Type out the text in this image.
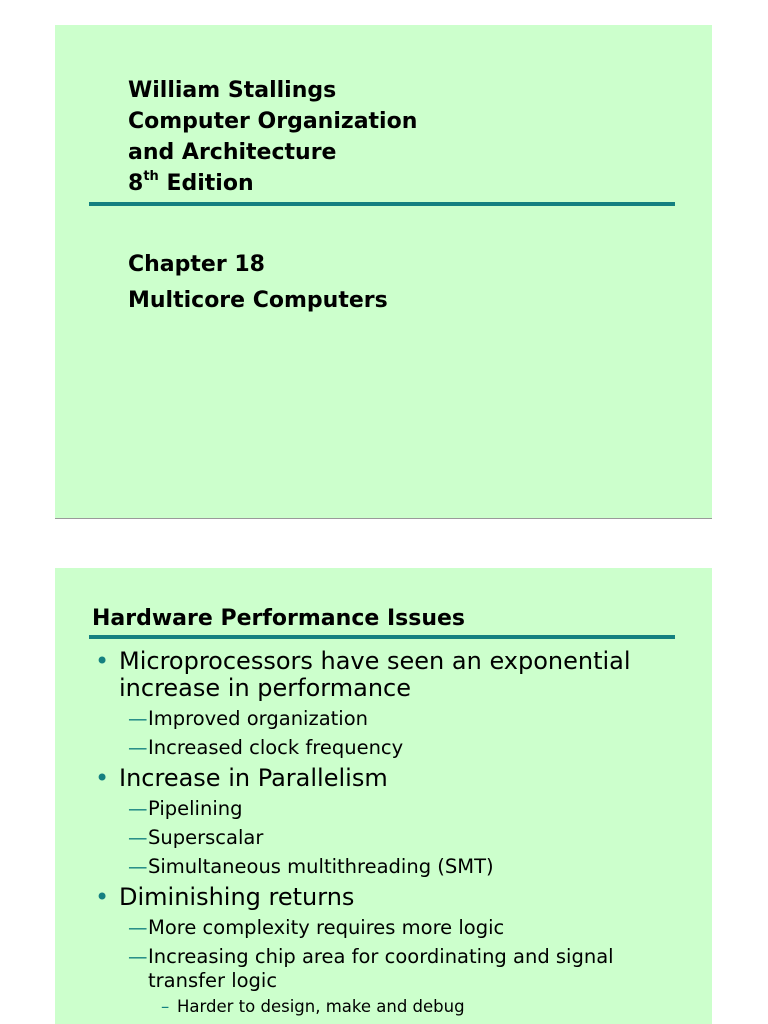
William Stallings
Computer Organization
and Architecture
8th Edition
Chapter 18
Multicore Computers
Hardware Performance Issues
• Microprocessors have seen an exponential increase in performance
— Improved organization
— Increased clock frequency
• Increase in Parallelism
— Pipelining
— Superscalar
— Simultaneous multithreading (SMT)
• Diminishing returns
— More complexity requires more logic
— Increasing chip area for coordinating and signal transfer logic
– Harder to design, make and debug
